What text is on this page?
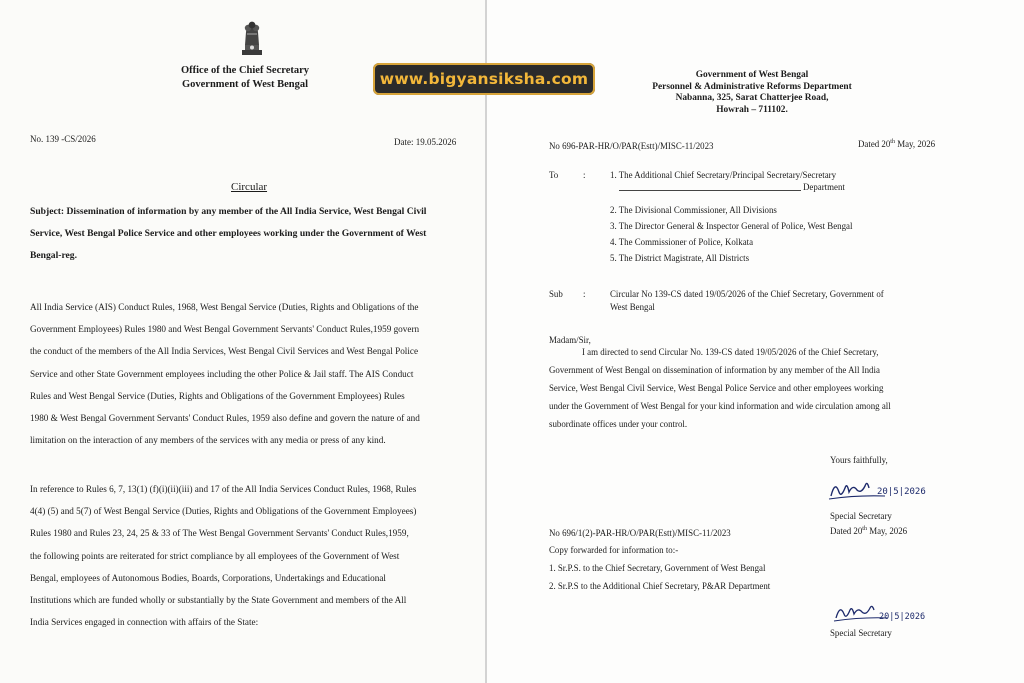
Office of the Chief Secretary
Government of West Bengal
No. 139 -CS/2026	Date: 19.05.2026
Circular
Subject: Dissemination of information by any member of the All India Service, West Bengal Civil
Service, West Bengal Police Service and other employees working under the Government of West
Bengal-reg.
All India Service (AIS) Conduct Rules, 1968, West Bengal Service (Duties, Rights and Obligations of the
Government Employees) Rules 1980 and West Bengal Government Servants' Conduct Rules,1959 govern
the conduct of the members of the All India Services, West Bengal Civil Services and West Bengal Police
Service and other State Government employees including the other Police & Jail staff. The AIS Conduct
Rules and West Bengal Service (Duties, Rights and Obligations of the Government Employees) Rules
1980 & West Bengal Government Servants' Conduct Rules, 1959 also define and govern the nature of and
limitation on the interaction of any members of the services with any media or press of any kind.
In reference to Rules 6, 7, 13(1) (f)(i)(ii)(iii) and 17 of the All India Services Conduct Rules, 1968, Rules
4(4) (5) and 5(7) of West Bengal Service (Duties, Rights and Obligations of the Government Employees)
Rules 1980 and Rules 23, 24, 25 & 33 of The West Bengal Government Servants' Conduct Rules,1959,
the following points are reiterated for strict compliance by all employees of the Government of West
Bengal, employees of Autonomous Bodies, Boards, Corporations, Undertakings and Educational
Institutions which are funded wholly or substantially by the State Government and members of the All
India Services engaged in connection with affairs of the State:
Government of West Bengal
Personnel & Administrative Reforms Department
Nabanna, 325, Sarat Chatterjee Road,
Howrah – 711102.
No 696-PAR-HR/O/PAR(Estt)/MISC-11/2023	Dated 20th May, 2026
To	:	1. The Additional Chief Secretary/Principal Secretary/Secretary
Department
2. The Divisional Commissioner, All Divisions
3. The Director General & Inspector General of Police, West Bengal
4. The Commissioner of Police, Kolkata
5. The District Magistrate, All Districts
Sub :	Circular No 139-CS dated 19/05/2026 of the Chief Secretary, Government of
West Bengal
Madam/Sir,
I am directed to send Circular No. 139-CS dated 19/05/2026 of the Chief Secretary,
Government of West Bengal on dissemination of information by any member of the All India
Service, West Bengal Civil Service, West Bengal Police Service and other employees working
under the Government of West Bengal for your kind information and wide circulation among all
subordinate offices under your control.
Yours faithfully,
20|5|2026
Special Secretary
No 696/1(2)-PAR-HR/O/PAR(Estt)/MISC-11/2023	Dated 20th May, 2026
Copy forwarded for information to:-
1. Sr.P.S. to the Chief Secretary, Government of West Bengal
2. Sr.P.S to the Additional Chief Secretary, P&AR Department
20|5|2026
Special Secretary
www.bigyansiksha.com
